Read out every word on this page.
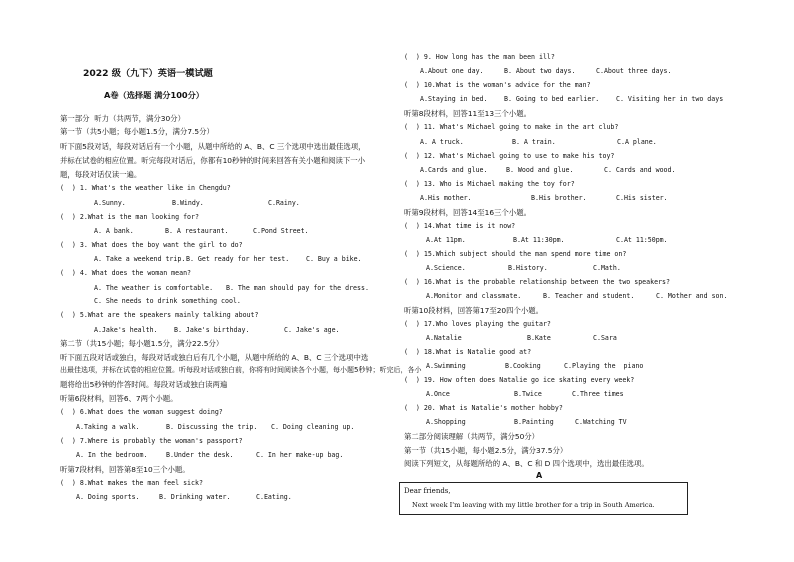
2022 级（九下）英语一模试题
A卷（选择题 满分100分）
第一部分  听力（共两节，满分30分）
第一节（共5小题；每小题1.5分，满分7.5分）
听下面5段对话，每段对话后有一个小题，从题中所给的 A、B、C 三个选项中选出最佳选项，
并标在试卷的相应位置。听完每段对话后，你都有10秒钟的时间来回答有关小题和阅读下一小
题，每段对话仅读一遍。
(  ) 1. What's the weather like in Chengdu?
A.Sunny.	B.Windy.	C.Rainy.
(  ) 2.What is the man looking for?
A. A bank.	B. A restaurant.	C.Pond Street.
(  ) 3. What does the boy want the girl to do?
A. Take a weekend trip. B. Get ready for her test.	C. Buy a bike.
(  ) 4. What does the woman mean?
A. The weather is comfortable. B. The man should pay for the dress.
C. She needs to drink something cool.
(  ) 5.What are the speakers mainly talking about?
A.Jake's health. B. Jake's birthday.	C. Jake's age.
第二节（共15小题；每小题1.5分，满分22.5分）
听下面五段对话或独白，每段对话或独白后有几个小题，从题中所给的 A、B、C 三个选项中选
出最佳选项，并标在试卷的相应位置。听每段对话或独白前，你将有时间阅读各个小题，每小题5秒钟；听完后，各小
题将给出5秒钟的作答时间。每段对话或独白读两遍
听第6段材料，回答6、7两个小题。
(  ) 6.What does the woman suggest doing?
A.Taking a walk.	B. Discussing the trip. C. Doing cleaning up.
(  ) 7.Where is probably the woman's passport?
A. In the bedroom.	B.Under the desk.	C. In her make-up bag.
听第7段材料，回答第8至10三个小题。
(  ) 8.What makes the man feel sick?
A. Doing sports.	B. Drinking water.	C.Eating.
(  ) 9. How long has the man been ill?
A.About one day.	B. About two days.	C.About three days.
(  ) 10.What is the woman's advice for the man?
A.Staying in bed.	B. Going to bed earlier.	C. Visiting her in two days
听第8段材料，回答11至13三个小题。
(  ) 11. What's Michael going to make in the art club?
A. A truck.	B. A train.	C.A plane.
(  ) 12. What's Michael going to use to make his toy?
A.Cards and glue.	B. Wood and glue.	C. Cards and wood.
(  ) 13. Who is Michael making the toy for?
A.His mother.	B.His brother.	C.His sister.
听第9段材料，回答14至16三个小题。
(  ) 14.What time is it now?
A.At 11pm.	B.At 11:30pm.	C.At 11:50pm.
(  ) 15.Which subject should the man spend more time on?
A.Science.	B.History.	C.Math.
(  ) 16.What is the probable relationship between the two speakers?
A.Monitor and classmate.	B. Teacher and student.	C. Mother and son.
听第10段材料，回答第17至20四个小题。
(  ) 17.Who loves playing the guitar?
A.Natalie	B.Kate	C.Sara
(  ) 18.What is Natalie good at?
A.Swimming	B.Cooking	C.Playing the  piano
(  ) 19. How often does Natalie go ice skating every week?
A.Once	B.Twice	C.Three times
(  ) 20. What is Natalie's mother hobby?
A.Shopping	B.Painting	C.Watching TV
第二部分阅读理解（共两节，满分50分）
第一节（共15小题，每小题2.5分，满分37.5分）
阅读下列短文，从每题所给的 A、B、C 和 D 四个选项中，选出最佳选项。
A
Dear friends,
Next week I'm leaving with my little brother for a trip in South America.
